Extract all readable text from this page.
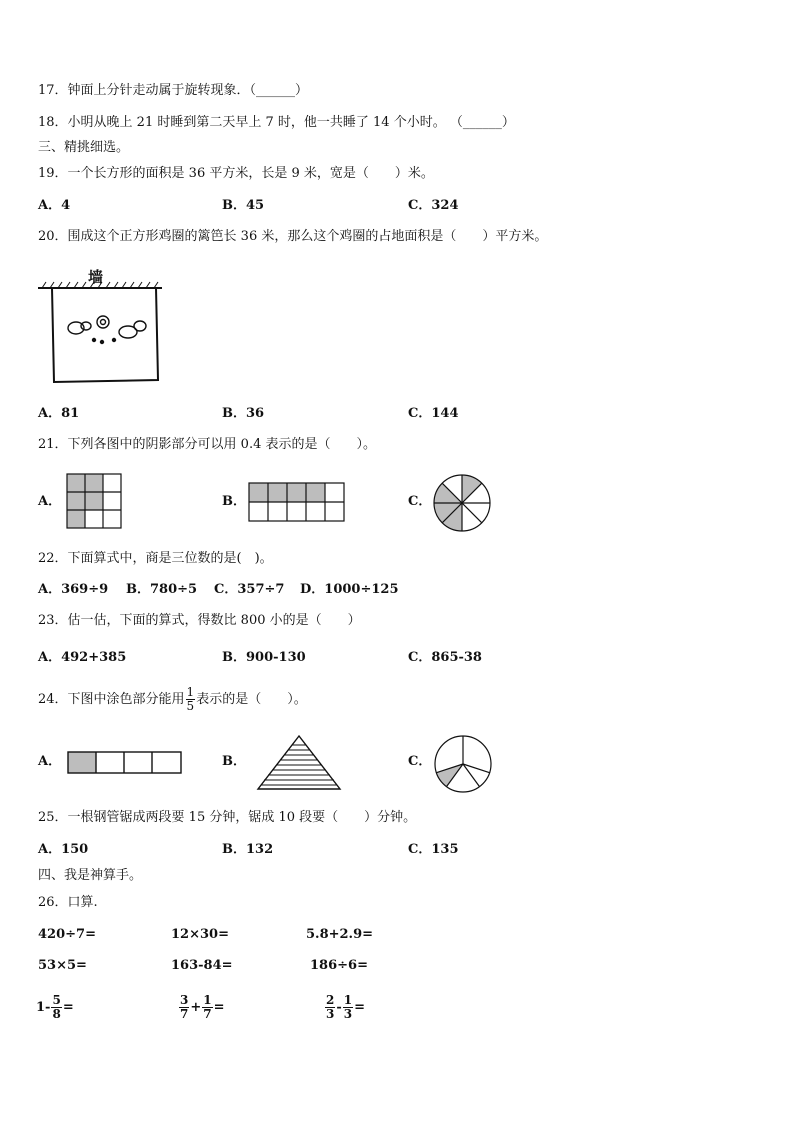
17．钟面上分针走动属于旋转现象．（______）
18．小明从晚上 21 时睡到第二天早上 7 时，他一共睡了 14 个小时。 （______）
三、精挑细选。
19．一个长方形的面积是 36 平方米，长是 9 米，宽是（　　）米。
A．4	B．45	C．324
20．围成这个正方形鸡圈的篱笆长 36 米，那么这个鸡圈的占地面积是（　　）平方米。
墙
A．81	B．36	C．144
21．下列各图中的阴影部分可以用 0.4 表示的是（　　）。
A．	B．	C．
22．下面算式中，商是三位数的是(　)。
A．369÷9 B．780÷5 C．357÷7 D．1000÷125
23．估一估，下面的算式，得数比 800 小的是（　　）
A．492+385	B．900-130	C．865-38
24．下图中涂色部分能用 $\frac{1}{5}$ 表示的是（　　）。
A．	B．	C．
25．一根钢管锯成两段要 15 分钟，锯成 10 段要（　　）分钟。
A．150	B．132	C．135
四、我是神算手。
26．口算.
420÷7=	12×30=	5.8+2.9=
53×5=	163-84=	186÷6=
$1- \frac{5}{8}$ =	$\frac{3}{7} + \frac{1}{7}$ =	$\frac{2}{3} - \frac{1}{3}$ =
